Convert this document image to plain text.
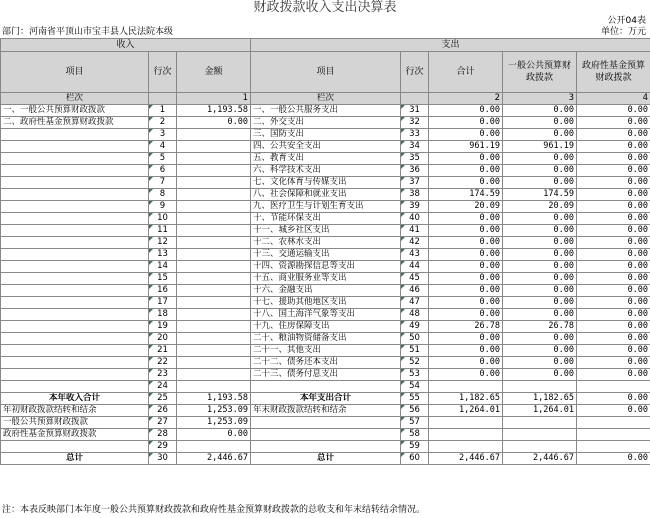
财政拨款收入支出决算表
公开04表
部门：河南省平顶山市宝丰县人民法院本级	单位：万元
收入			支出				
项目	行次	金额	项目	行次	合计	一般公共预算财政拨款	政府性基金预算财政拨款
栏次		1	栏次		2	3	4
一、一般公共预算财政拨款	1	1,193.58	一、一般公共服务支出	31	0.00	0.00	0.00
二、政府性基金预算财政拨款	2	0.00	二、外交支出	32	0.00	0.00	0.00
	3		三、国防支出	33	0.00	0.00	0.00
	4		四、公共安全支出	34	961.19	961.19	0.00
	5		五、教育支出	35	0.00	0.00	0.00
	6		六、科学技术支出	36	0.00	0.00	0.00
	7		七、文化体育与传媒支出	37	0.00	0.00	0.00
	8		八、社会保障和就业支出	38	174.59	174.59	0.00
	9		九、医疗卫生与计划生育支出	39	20.09	20.09	0.00
	10		十、节能环保支出	40	0.00	0.00	0.00
	11		十一、城乡社区支出	41	0.00	0.00	0.00
	12		十二、农林水支出	42	0.00	0.00	0.00
	13		十三、交通运输支出	43	0.00	0.00	0.00
	14		十四、资源勘探信息等支出	44	0.00	0.00	0.00
	15		十五、商业服务业等支出	45	0.00	0.00	0.00
	16		十六、金融支出	46	0.00	0.00	0.00
	17		十七、援助其他地区支出	47	0.00	0.00	0.00
	18		十八、国土海洋气象等支出	48	0.00	0.00	0.00
	19		十九、住房保障支出	49	26.78	26.78	0.00
	20		二十、粮油物资储备支出	50	0.00	0.00	0.00
	21		二十一、其他支出	51	0.00	0.00	0.00
	22		二十二、债务还本支出	52	0.00	0.00	0.00
	23		二十三、债务付息支出	53	0.00	0.00	0.00
	24			54			
本年收入合计	25	1,193.58	本年支出合计	55	1,182.65	1,182.65	0.00
年初财政拨款结转和结余	26	1,253.09	年末财政拨款结转和结余	56	1,264.01	1,264.01	0.00
一般公共预算财政拨款	27	1,253.09		57			
政府性基金预算财政拨款	28	0.00		58			
	29			59			
总计	30	2,446.67	总计	60	2,446.67	2,446.67	0.00
注：本表反映部门本年度一般公共预算财政拨款和政府性基金预算财政拨款的总收支和年末结转结余情况。
